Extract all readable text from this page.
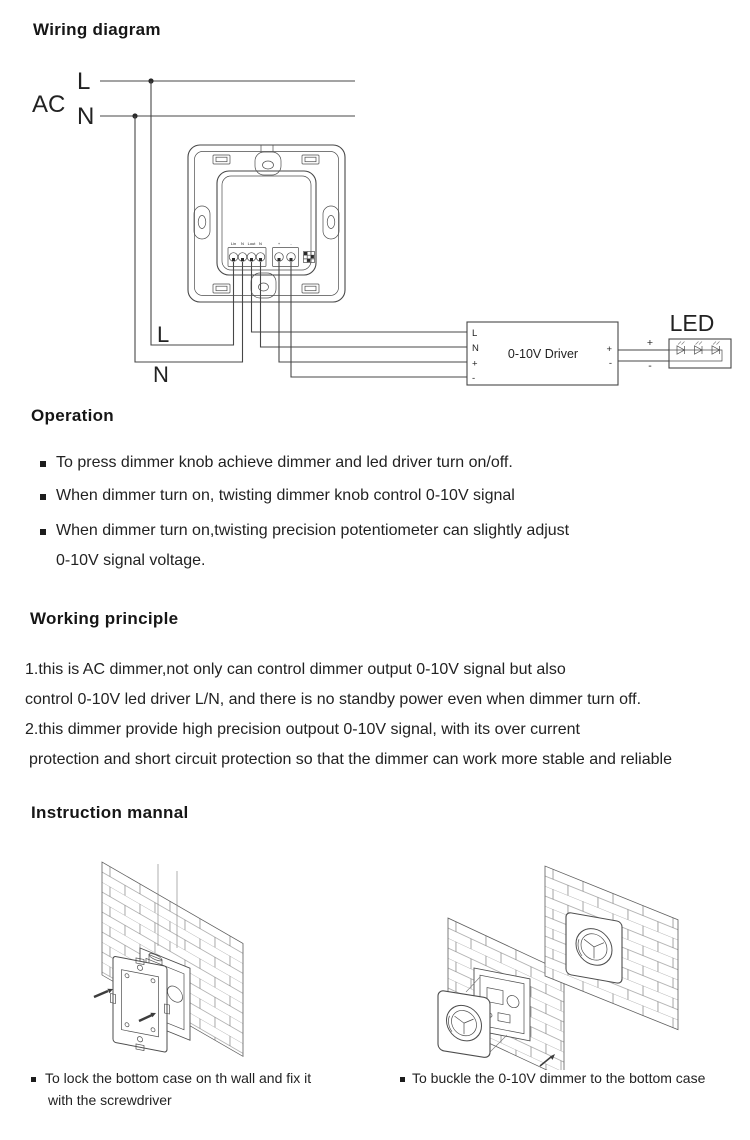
Wiring diagram
AC
L
N
L
N
Lin N Lout N	+	-
L
N
+
-
0-10V Driver	+
-
+
-
LED
Operation
To press dimmer knob achieve dimmer and led driver turn on/off.
When dimmer turn on, twisting dimmer knob control 0-10V signal
When dimmer turn on,twisting precision potentiometer can slightly adjust
0-10V signal voltage.
Working principle
1.this is AC dimmer,not only can control dimmer output 0-10V signal but also
control 0-10V led driver L/N, and there is no standby power even when dimmer turn off.
2.this dimmer provide high precision outpout 0-10V signal, with its over current
protection and short circuit protection so that the dimmer can work more stable and reliable
Instruction mannal
To lock the bottom case on th wall and fix it
with the screwdriver
To buckle the 0-10V dimmer to the bottom case
